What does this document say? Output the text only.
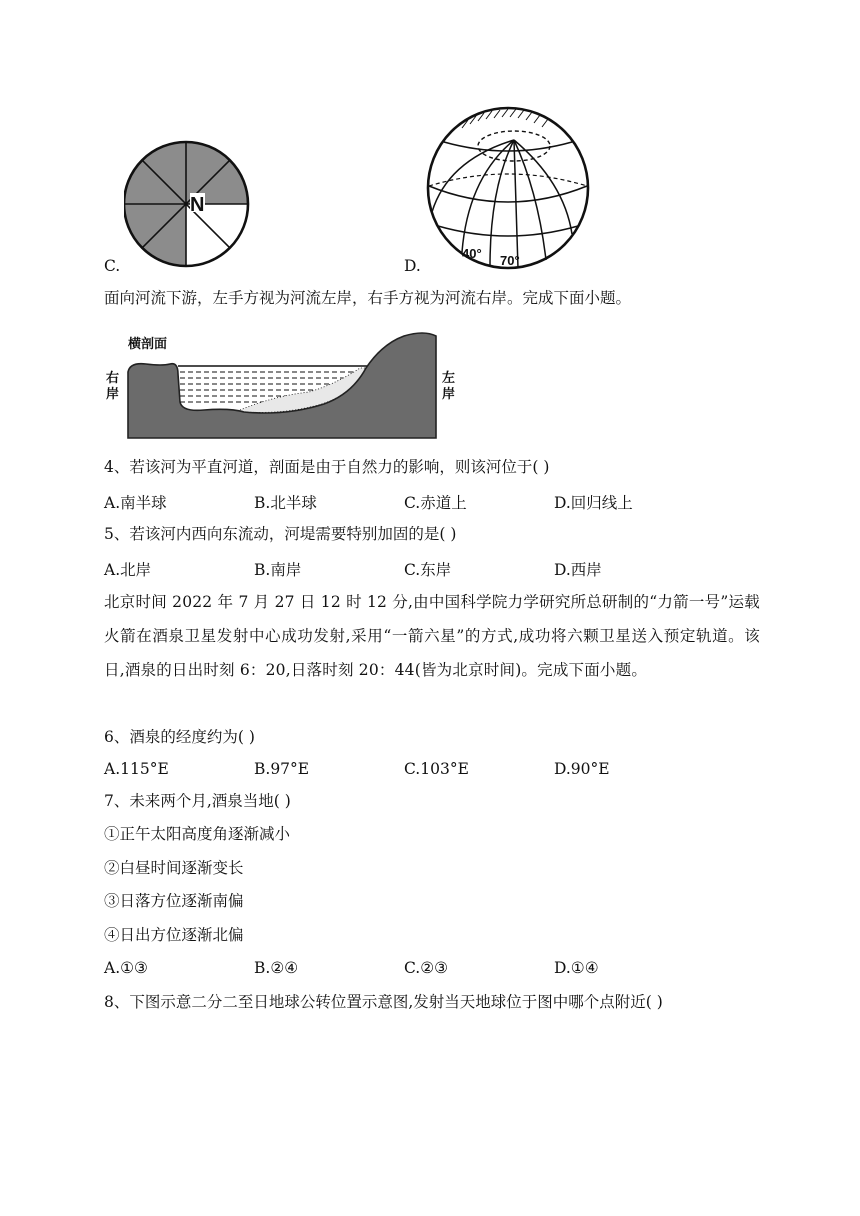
N
C.
40° 70°
D.
面向河流下游，左手方视为河流左岸，右手方视为河流右岸。完成下面小题。
横剖面
右
岸
左
岸
4、若该河为平直河道，剖面是由于自然力的影响，则该河位于( )
A.南半球	B.北半球	C.赤道上	D.回归线上
5、若该河内西向东流动，河堤需要特别加固的是( )
A.北岸	B.南岸	C.东岸	D.西岸
北京时间 2022 年 7 月 27 日 12 时 12 分,由中国科学院力学研究所总研制的“力箭一号”运载火箭在酒泉卫星发射中心成功发射,采用“一箭六星”的方式,成功将六颗卫星送入预定轨道。该日,酒泉的日出时刻 6：20,日落时刻 20：44(皆为北京时间)。完成下面小题。
6、酒泉的经度约为( )
A.115°E	B.97°E	C.103°E	D.90°E
7、未来两个月,酒泉当地( )
①正午太阳高度角逐渐减小
②白昼时间逐渐变长
③日落方位逐渐南偏
④日出方位逐渐北偏
A.①③	B.②④	C.②③	D.①④
8、下图示意二分二至日地球公转位置示意图,发射当天地球位于图中哪个点附近( )
